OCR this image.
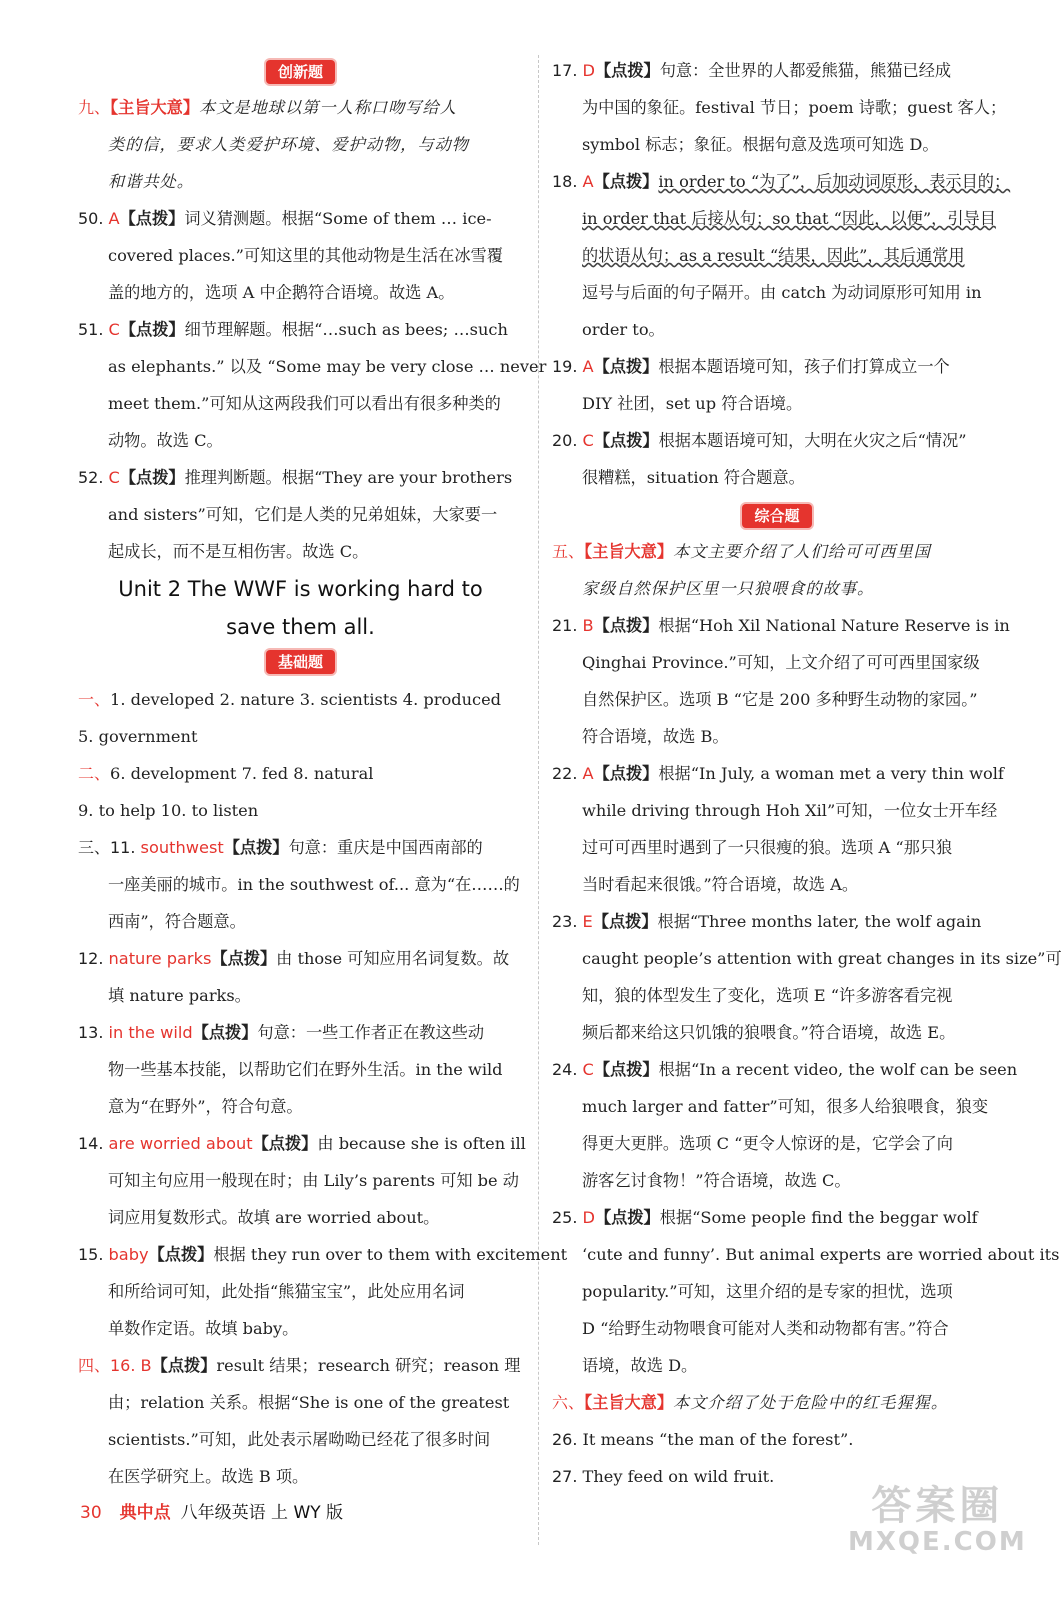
创新题
九、【主旨大意】本文是地球以第一人称口吻写给人
类的信，要求人类爱护环境、爱护动物，与动物
和谐共处。
50. A【点拨】词义猜测题。根据“Some of them … ice-
covered places.”可知这里的其他动物是生活在冰雪覆
盖的地方的，选项 A 中企鹅符合语境。故选 A。
51. C【点拨】细节理解题。根据“…such as bees; …such
as elephants.” 以及 “Some may be very close … never
meet them.”可知从这两段我们可以看出有很多种类的
动物。故选 C。
52. C【点拨】推理判断题。根据“They are your brothers
and sisters”可知，它们是人类的兄弟姐妹，大家要一
起成长，而不是互相伤害。故选 C。
Unit 2 The WWF is working hard to
save them all.
基础题
一、1. developed 2. nature 3. scientists 4. produced
5. government
二、6. development 7. fed 8. natural
9. to help 10. to listen
三、11. southwest【点拨】句意：重庆是中国西南部的
一座美丽的城市。in the southwest of... 意为“在……的
西南”，符合题意。
12. nature parks【点拨】由 those 可知应用名词复数。故
填 nature parks。
13. in the wild【点拨】句意：一些工作者正在教这些动
物一些基本技能，以帮助它们在野外生活。in the wild
意为“在野外”，符合句意。
14. are worried about【点拨】由 because she is often ill
可知主句应用一般现在时；由 Lily’s parents 可知 be 动
词应用复数形式。故填 are worried about。
15. baby【点拨】根据 they run over to them with excitement
和所给词可知，此处指“熊猫宝宝”，此处应用名词
单数作定语。故填 baby。
四、16. B【点拨】result 结果；research 研究；reason 理
由；relation 关系。根据“She is one of the greatest
scientists.”可知，此处表示屠呦呦已经花了很多时间
在医学研究上。故选 B 项。
17. D【点拨】句意：全世界的人都爱熊猫，熊猫已经成
为中国的象征。festival 节日；poem 诗歌；guest 客人；
symbol 标志；象征。根据句意及选项可知选 D。
18. A【点拨】in order to “为了”，后加动词原形，表示目的；
in order that 后接从句；so that “因此，以便”，引导目
的状语从句；as a result “结果，因此”，其后通常用
逗号与后面的句子隔开。由 catch 为动词原形可知用 in
order to。
19. A【点拨】根据本题语境可知，孩子们打算成立一个
DIY 社团，set up 符合语境。
20. C【点拨】根据本题语境可知，大明在火灾之后“情况”
很糟糕，situation 符合题意。
综合题
五、【主旨大意】本文主要介绍了人们给可可西里国
家级自然保护区里一只狼喂食的故事。
21. B【点拨】根据“Hoh Xil National Nature Reserve is in
Qinghai Province.”可知，上文介绍了可可西里国家级
自然保护区。选项 B “它是 200 多种野生动物的家园。”
符合语境，故选 B。
22. A【点拨】根据“In July, a woman met a very thin wolf
while driving through Hoh Xil”可知，一位女士开车经
过可可西里时遇到了一只很瘦的狼。选项 A “那只狼
当时看起来很饿。”符合语境，故选 A。
23. E【点拨】根据“Three months later, the wolf again
caught people’s attention with great changes in its size”可
知，狼的体型发生了变化，选项 E “许多游客看完视
频后都来给这只饥饿的狼喂食。”符合语境，故选 E。
24. C【点拨】根据“In a recent video, the wolf can be seen
much larger and fatter”可知，很多人给狼喂食，狼变
得更大更胖。选项 C “更令人惊讶的是，它学会了向
游客乞讨食物！”符合语境，故选 C。
25. D【点拨】根据“Some people find the beggar wolf
‘cute and funny’. But animal experts are worried about its
popularity.”可知，这里介绍的是专家的担忧，选项
D “给野生动物喂食可能对人类和动物都有害。”符合
语境，故选 D。
六、【主旨大意】本文介绍了处于危险中的红毛猩猩。
26. It means “the man of the forest”.
27. They feed on wild fruit.
30 典中点 八年级英语 上 WY 版	答案圈
MXQE.COM
